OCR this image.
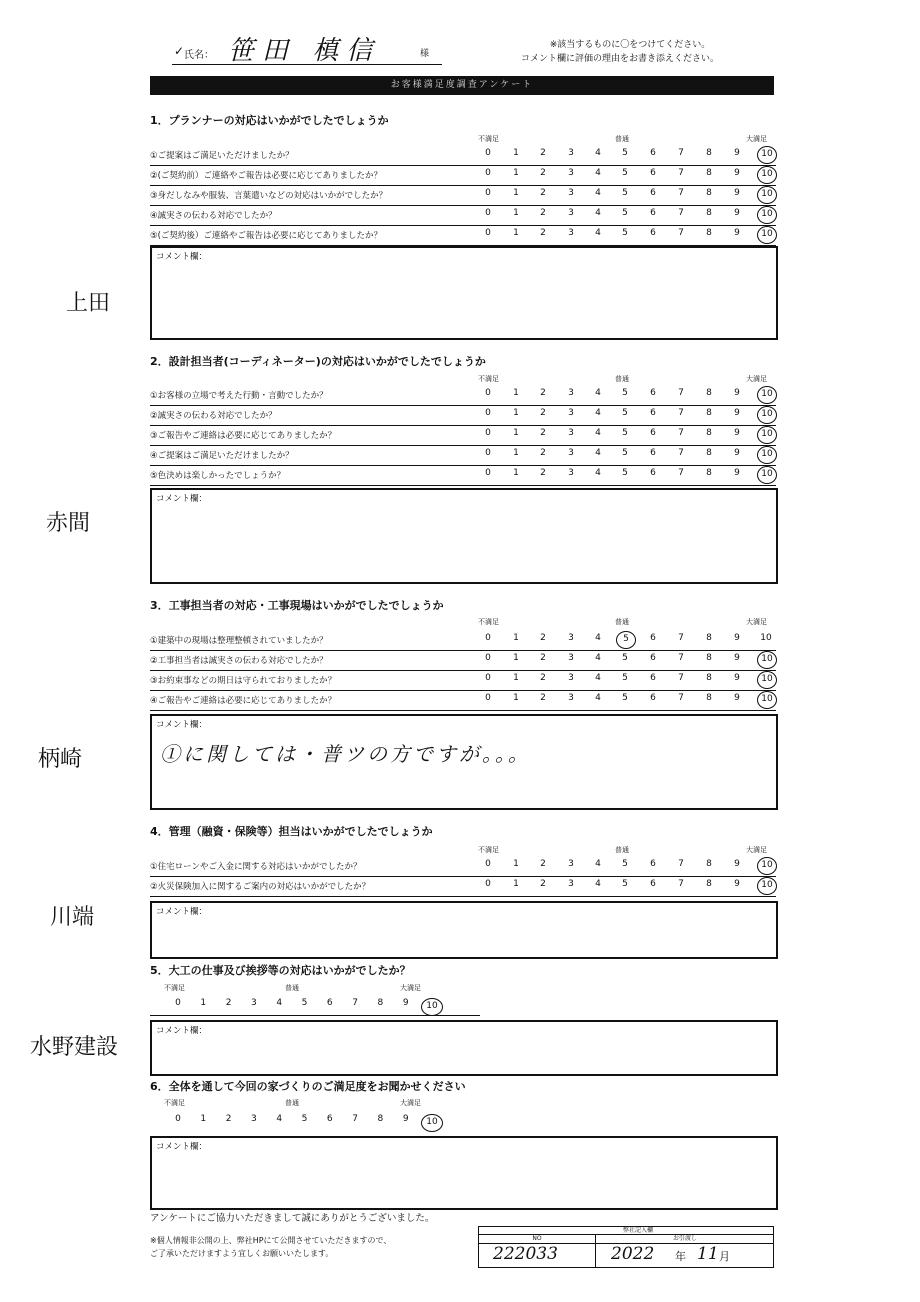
✓ 氏名： 笹田 槙信	様
※該当するものに〇をつけてください。
コメント欄に評価の理由をお書き添えください。
お客様満足度調査アンケート
1．プランナーの対応はいかがでしたでしょうか
不満足	普通	大満足
①ご提案はご満足いただけましたか？	0	1	2	3	4	5	6	7	8	9	10
②(ご契約前）ご連絡やご報告は必要に応じてありましたか？	0	1	2	3	4	5	6	7	8	9	10
③身だしなみや服装、言葉遣いなどの対応はいかがでしたか？	0	1	2	3	4	5	6	7	8	9	10
④誠実さの伝わる対応でしたか？	0	1	2	3	4	5	6	7	8	9	10
⑤(ご契約後）ご連絡やご報告は必要に応じてありましたか？	0	1	2	3	4	5	6	7	8	9	10
コメント欄：
上田
2．設計担当者(コーディネーター)の対応はいかがでしたでしょうか
不満足	普通	大満足
①お客様の立場で考えた行動・言動でしたか？	0	1	2	3	4	5	6	7	8	9	10
②誠実さの伝わる対応でしたか？	0	1	2	3	4	5	6	7	8	9	10
③ご報告やご連絡は必要に応じてありましたか？	0	1	2	3	4	5	6	7	8	9	10
④ご提案はご満足いただけましたか？	0	1	2	3	4	5	6	7	8	9	10
⑤色決めは楽しかったでしょうか？	0	1	2	3	4	5	6	7	8	9	10
コメント欄：
赤間
3．工事担当者の対応・工事現場はいかがでしたでしょうか
不満足	普通	大満足
①建築中の現場は整理整頓されていましたか？	0	1	2	3	4	5	6	7	8	9	10
②工事担当者は誠実さの伝わる対応でしたか？	0	1	2	3	4	5	6	7	8	9	10
③お約束事などの期日は守られておりましたか？	0	1	2	3	4	5	6	7	8	9	10
④ご報告やご連絡は必要に応じてありましたか？	0	1	2	3	4	5	6	7	8	9	10
コメント欄：
①に関しては・普ツの方ですが。。。
柄崎
4．管理（融資・保険等）担当はいかがでしたでしょうか
不満足	普通	大満足
①住宅ローンやご入金に関する対応はいかがでしたか？	0	1	2	3	4	5	6	7	8	9	10
②火災保険加入に関するご案内の対応はいかがでしたか？	0	1	2	3	4	5	6	7	8	9	10
コメント欄：
川端
5．大工の仕事及び挨拶等の対応はいかがでしたか？
不満足	普通	大満足
0	1	2	3	4	5	6	7	8	9	10
コメント欄：
水野建設
6．全体を通して今回の家づくりのご満足度をお聞かせください
不満足	普通	大満足
0	1	2	3	4	5	6	7	8	9	10
コメント欄：
アンケートにご協力いただきまして誠にありがとうございました。
※個人情報非公開の上、弊社HPにて公開させていただきますので、
ご了承いただけますよう宜しくお願いいたします。
弊社記入欄
NO	お引渡し
222033	2022 年 11 月
